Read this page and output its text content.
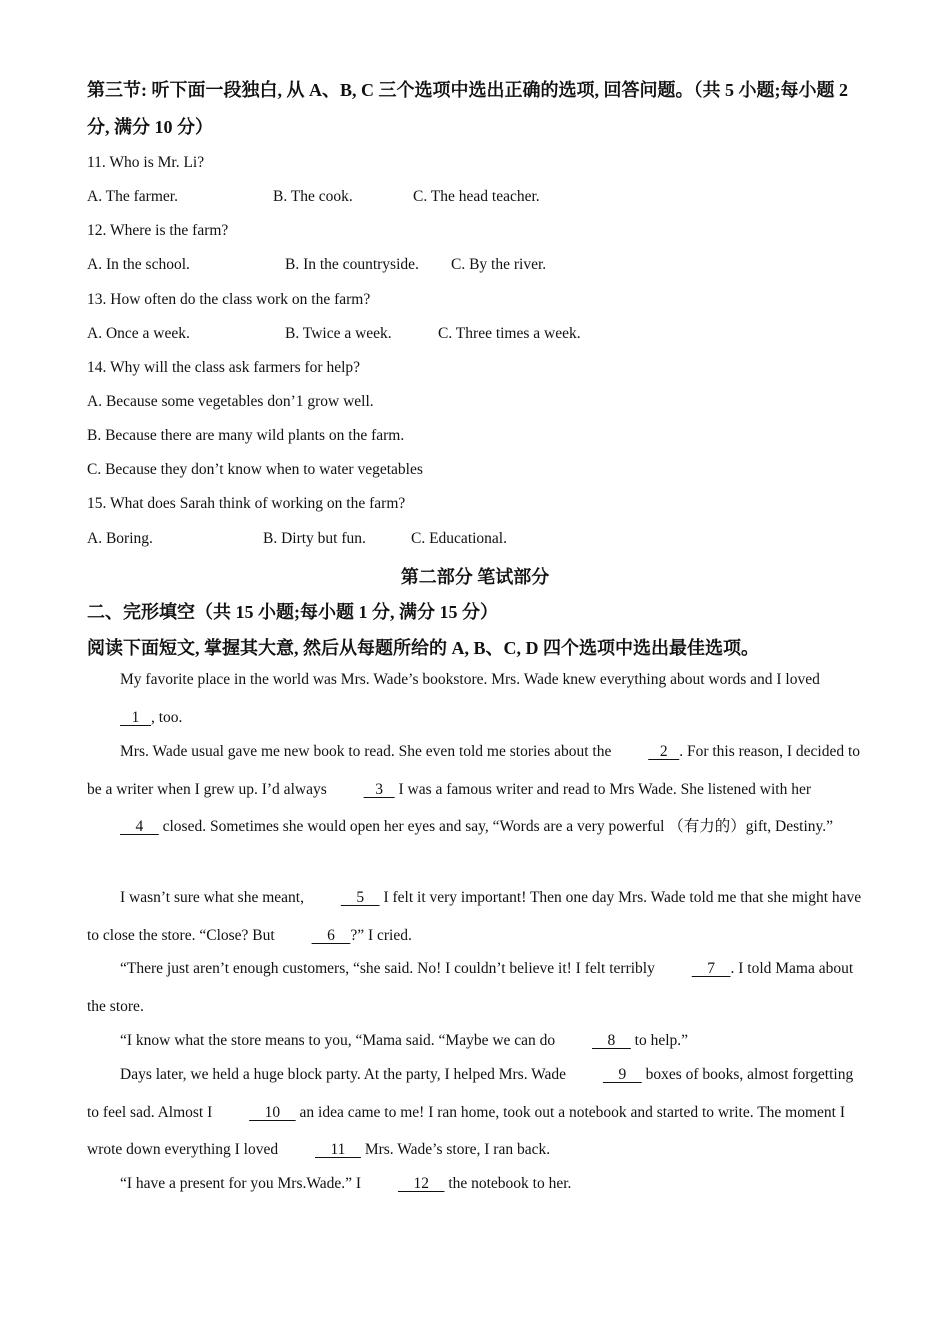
第三节: 听下面一段独白, 从 A、B, C 三个选项中选出正确的选项, 回答问题。（共 5 小题;每小题 2 分, 满分 10 分）

11. Who is Mr. Li?

A. The farmer.	B. The cook.	C. The head teacher.

12. Where is the farm?

A. In the school.	B. In the countryside. C. By the river.

13. How often do the class work on the farm?

A. Once a week.	B. Twice a week.	C. Three times a week.

14. Why will the class ask farmers for help?

A. Because some vegetables don’1 grow well.

B. Because there are many wild plants on the farm.

C. Because they don’t know when to water vegetables

15. What does Sarah think of working on the farm?

A. Boring.	B. Dirty but fun.	C. Educational.

第二部分 笔试部分

二、完形填空（共 15 小题;每小题 1 分, 满分 15 分）

阅读下面短文, 掌握其大意, 然后从每题所给的 A, B、C, D 四个选项中选出最佳选项。

My favorite place in the world was Mrs. Wade’s bookstore. Mrs. Wade knew everything about words and I loved    1   , too.

Mrs. Wade usual gave me new book to read. She even told me stories about the    2   . For this reason, I decided to be a writer when I grew up. I’d always    3    I was a famous writer and read to Mrs Wade. She listened with her     4     closed. Sometimes she would open her eyes and say, “Words are a very powerful （有力的）gift, Destiny.”

I wasn’t sure what she meant,     5     I felt it very important! Then one day Mrs. Wade told me that she might have to close the store. “Close? But     6    ?” I cried.

“There just aren’t enough customers, “she said. No! I couldn’t believe it! I felt terribly     7    . I told Mama about the store.

“I know what the store means to you, “Mama said. “Maybe we can do     8     to help.”

Days later, we held a huge block party. At the party, I helped Mrs. Wade     9     boxes of books, almost forgetting to feel sad. Almost I     10     an idea came to me! I ran home, took out a notebook and started to write. The moment I wrote down everything I loved     11     Mrs. Wade’s store, I ran back.

“I have a present for you Mrs.Wade.” I     12     the notebook to her.
